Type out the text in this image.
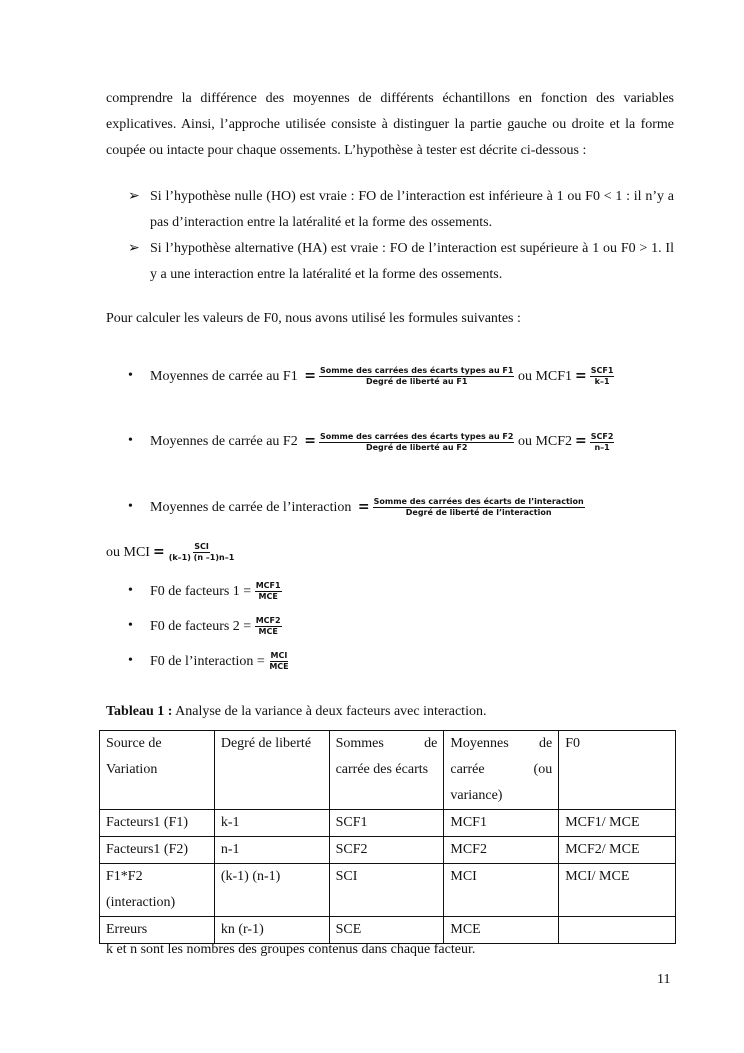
comprendre la différence des moyennes de différents échantillons en fonction des variables explicatives. Ainsi, l’approche utilisée consiste à distinguer la partie gauche ou droite et la forme coupée ou intacte pour chaque ossements. L’hypothèse à tester est décrite ci-dessous :

➢ Si l’hypothèse nulle (HO) est vraie : FO de l’interaction est inférieure à 1 ou F0 < 1 : il n’y a pas d’interaction entre la latéralité et la forme des ossements.
➢ Si l’hypothèse alternative (HA) est vraie : FO de l’interaction est supérieure à 1 ou F0 > 1. Il y a une interaction entre la latéralité et la forme des ossements.

Pour calculer les valeurs de F0, nous avons utilisé les formules suivantes :

• Moyennes de carrée au $F1 = \frac{\text{Somme des carrées des écarts types au F1}}{\text{Degré de liberté au F1}}$ ou $MCF1 = \frac{\text{SCF1}}{k-1}$
• Moyennes de carrée au $F2 = \frac{\text{Somme des carrées des écarts types au F2}}{\text{Degré de liberté au F2}}$ ou $MCF2 = \frac{\text{SCF2}}{n-1}$
• Moyennes de carrée de l’interaction = $\frac{\text{Somme des carrées des écarts de l’interaction}}{\text{Degré de liberté de l’interaction}}$
ou MCI = $\frac{\text{SCI}}{(k-1) (n -1)n-1}$
• F0 de facteurs $1 = \frac{\text{MCF1}}{\text{MCE}}$
• F0 de facteurs $2 = \frac{\text{MCF2}}{\text{MCE}}$
• F0 de l’interaction = $\frac{\text{MCI}}{\text{MCE}}$
Tableau 1 : Analyse de la variance à deux facteurs avec interaction.
Source de Variation	Degré de liberté	Sommes de carrée des écarts	Moyennes de carrée (ou variance)	F0
Facteurs1 (F1)	k-1	SCF1	MCF1	MCF1/ MCE
Facteurs1 (F2)	n-1	SCF2	MCF2	MCF2/ MCE
F1*F2 (interaction)	(k-1) (n-1)	SCI	MCI	MCI/ MCE
Erreurs	kn (r-1)	SCE	MCE	
k et n sont les nombres des groupes contenus dans chaque facteur.
11
